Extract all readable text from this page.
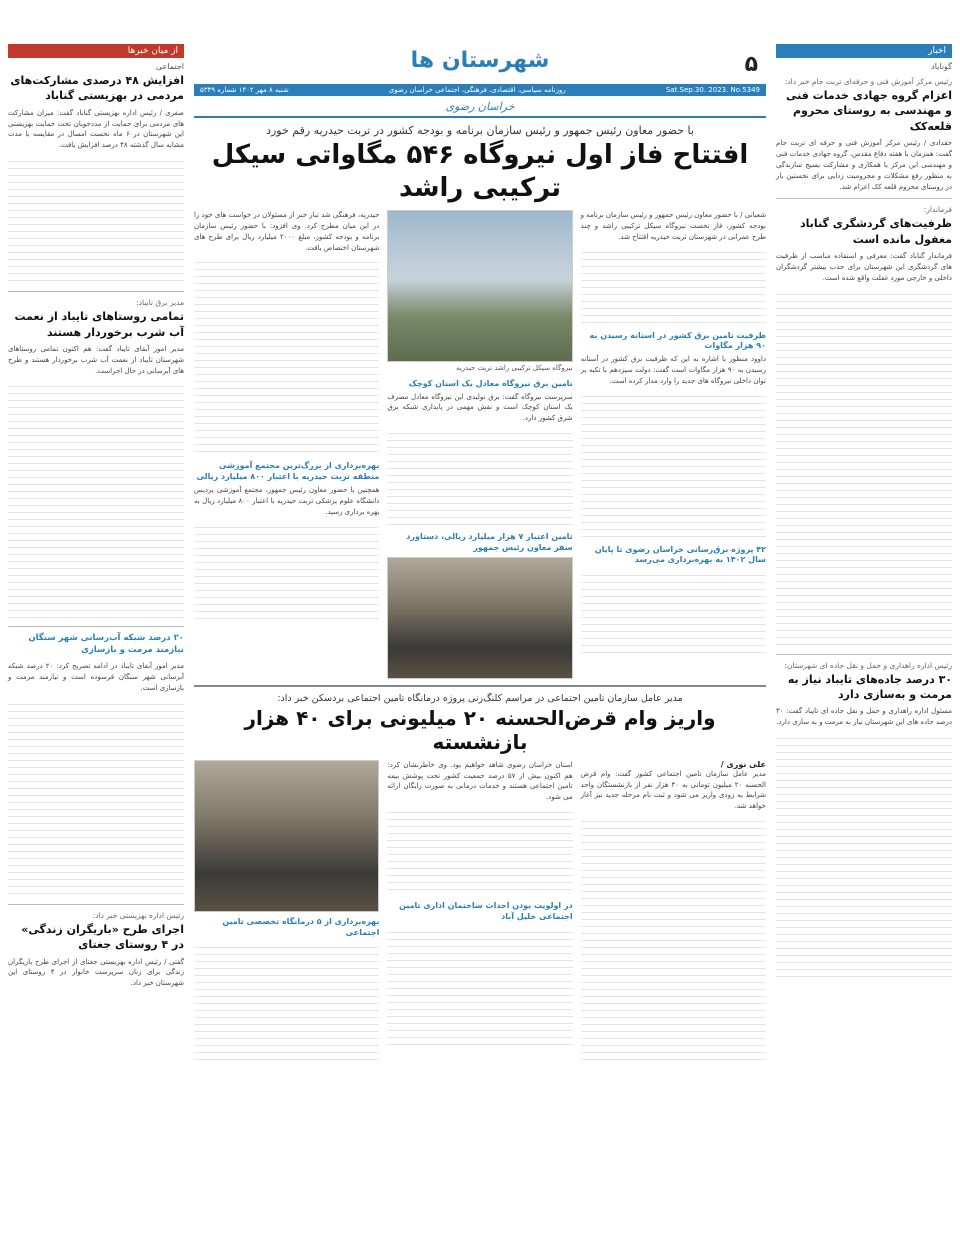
اخبار
گوناباد
رئیس مرکز آموزش فنی و حرفه‌ای تربت جام خبر داد:
اعزام گروه جهادی خدمات فنی و مهندسی به روستای محروم قلعه‌کک
حقدادی / رئیس مرکز آموزش فنی و حرفه ای تربت جام گفت: همزمان با هفته دفاع مقدس، گروه جهادی خدمات فنی و مهندسی این مرکز با همکاری و مشارکت بسیج سازندگی به منظور رفع مشکلات و محرومیت زدایی برای نخستین بار در روستای محروم قلعه کک اعزام شد.
فرماندار:
ظرفیت‌های گردشگری گناباد مغفول مانده است
فرماندار گناباد گفت: معرفی و استفاده مناسب از ظرفیت های گردشگری این شهرستان برای جذب بیشتر گردشگران داخلی و خارجی مورد غفلت واقع شده است.
رئیس اداره راهداری و حمل و نقل جاده ای شهرستان:
۳۰ درصد جاده‌های تایباد نیاز به مرمت و به‌سازی دارد
مسئول اداره راهداری و حمل و نقل جاده ای تایباد گفت: ۳۰ درصد جاده های این شهرستان نیاز به مرمت و به سازی دارد.
از میان خبرها
اجتماعی
افزایش ۴۸ درصدی مشارکت‌های مردمی در بهزیستی گناباد
صفری / رئیس اداره بهزیستی گناباد گفت: میزان مشارکت های مردمی برای حمایت از مددجویان تحت حمایت بهزیستی این شهرستان در ۶ ماه نخست امسال در مقایسه با مدت مشابه سال گذشته ۴۸ درصد افزایش یافت.
مدیر برق تایباد:
تمامی روستاهای تایباد از نعمت آب شرب برخوردار هستند
مدیر امور آبفای تایباد گفت: هم اکنون تمامی روستاهای شهرستان تایباد از نعمت آب شرب برخوردار هستند و طرح های آبرسانی در حال اجراست.
۲۰ درصد شبکه آب‌رسانی شهر سنگان نیازمند مرمت و بازسازی
مدیر امور آبفای تایباد در ادامه تصریح کرد: ۲۰ درصد شبکه آبرسانی شهر سنگان فرسوده است و نیازمند مرمت و بازسازی است.
رئیس اداره بهزیستی خبر داد:
اجرای طرح «باریگران زندگی» در ۴ روستای جغتای
گفتی / رئیس اداره بهزیستی جغتای از اجرای طرح باریگران زندگی برای زنان سرپرست خانوار در ۴ روستای این شهرستان خبر داد.
۵
شهرستان ها
Sat.Sep.30. 2023. No.5349
روزنامه سیاسی، اقتصادی، فرهنگی، اجتماعی خراسان رضوی
شنبه ۸ مهر ۱۴۰۲ شماره ۵۳۴۹
خراسان رضوی
با حضور معاون رئیس جمهور و رئیس سازمان برنامه و بودجه کشور در تربت حیدریه رقم خورد
افتتاح فاز اول نیروگاه ۵۴۶ مگاواتی سیکل ترکیبی راشد
شعبانی / با حضور معاون رئیس جمهور و رئیس سازمان برنامه و بودجه کشور، فاز نخست نیروگاه سیکل ترکیبی راشد و چند طرح عمرانی در شهرستان تربت حیدریه افتتاح شد.
ظرفیت تامین برق کشور در استانه رسیدن به ۹۰ هزار مگاوات
داوود منظور با اشاره به این که ظرفیت برق کشور در آستانه رسیدن به ۹۰ هزار مگاوات است گفت: دولت سیزدهم با تکیه بر توان داخلی نیروگاه های جدید را وارد مدار کرده است.
۴۲ پروژه برق‌رسانی خراسان رضوی تا پایان سال ۱۴۰۲ به بهره‌برداری می‌رسد
نیروگاه سیکل ترکیبی راشد تربت حیدریه
تامین برق نیروگاه معادل یک استان کوچک
سرپرست نیروگاه گفت: برق تولیدی این نیروگاه معادل مصرف یک استان کوچک است و نقش مهمی در پایداری شبکه برق شرق کشور دارد.
تامین اعتبار ۷ هزار میلیارد ریالی، دستاورد سفر معاون رئیس جمهور
حیدریه، فرهنگی شد تبار خبر از مسئولان در خواست های خود را در این میان مطرح کرد. وی افزود: با حضور رئیس سازمان برنامه و بودجه کشور، مبلغ ۲۰۰۰ میلیارد ریال برای طرح های شهرستان اختصاص یافت.
بهره‌برداری از بزرگ‌ترین مجتمع آموزشی منطقه تربت حیدریه با اعتبار ۸۰۰ میلیارد ریالی
همچنین با حضور معاون رئیس جمهور، مجتمع آموزشی پردیس دانشگاه علوم پزشکی تربت حیدریه با اعتبار ۸۰۰ میلیارد ریال به بهره برداری رسید.
مدیر عامل سازمان تامین اجتماعی در مراسم کلنگ‌زنی پروژه درمانگاه تامین اجتماعی بردسکن خبر داد:
واریز وام قرض‌الحسنه ۲۰ میلیونی برای ۴۰ هزار بازنشسته
علی نوری /
مدیر عامل سازمان تامین اجتماعی کشور گفت: وام قرض الحسنه ۲۰ میلیون تومانی به ۴۰ هزار نفر از بازنشستگان واجد شرایط به زودی واریز می شود و ثبت نام مرحله جدید نیز آغاز خواهد شد.
استان خراسان رضوی شاهد خواهیم بود. وی خاطرنشان کرد: هم اکنون بیش از ۵۷ درصد جمعیت کشور تحت پوشش بیمه تامین اجتماعی هستند و خدمات درمانی به صورت رایگان ارائه می شود.
در اولویت بودن احداث ساختمان اداری تامین اجتماعی خلیل آباد
بهره‌برداری از ۵ درمانگاه تخصصی تامین اجتماعی
